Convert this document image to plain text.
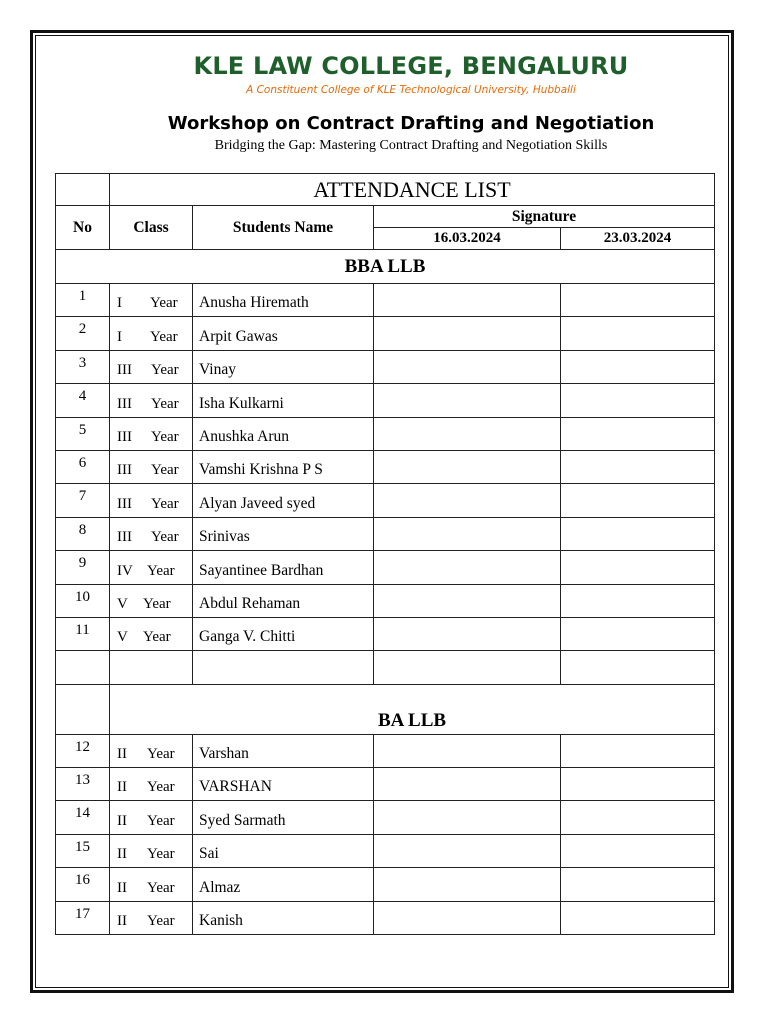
KLE LAW COLLEGE, BENGALURU
A Constituent College of KLE Technological University, Hubballi
Workshop on Contract Drafting and Negotiation
Bridging the Gap: Mastering Contract Drafting and Negotiation Skills
	ATTENDANCE LIST			
No	Class	Students Name	Signature	
			16.03.2024	23.03.2024
BBA LLB				
1	I Year	Anusha Hiremath		
2	I Year	Arpit Gawas		
3	III Year	Vinay		
4	III Year	Isha Kulkarni		
5	III Year	Anushka Arun		
6	III Year	Vamshi Krishna P S		
7	III Year	Alyan Javeed syed		
8	III Year	Srinivas		
9	IV Year	Sayantinee Bardhan		
10	V Year	Abdul Rehaman		
11	V Year	Ganga V. Chitti		

	BA LLB			
12	II Year	Varshan		
13	II Year	VARSHAN		
14	II Year	Syed Sarmath		
15	II Year	Sai		
16	II Year	Almaz		
17	II Year	Kanish		
